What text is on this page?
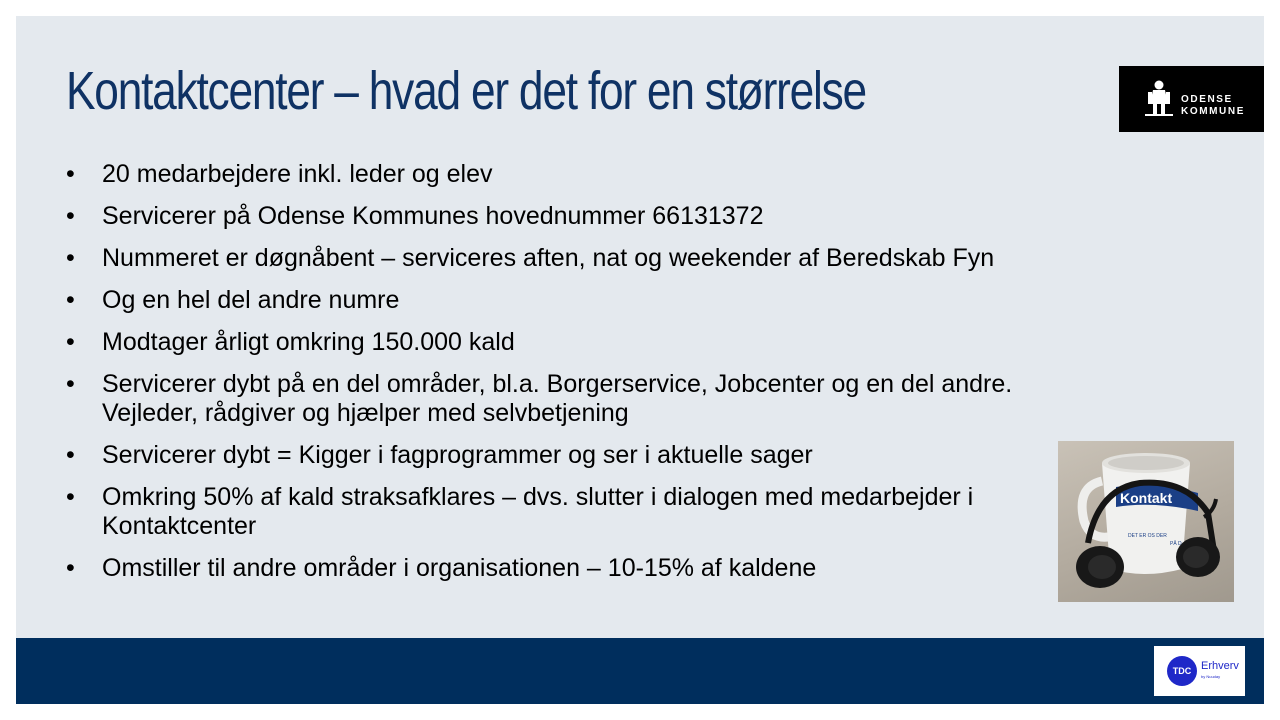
Kontaktcenter – hvad er det for en størrelse	ODENSE
KOMMUNE
•	20 medarbejdere inkl. leder og elev
•	Servicerer på Odense Kommunes hovednummer 66131372
•	Nummeret er døgnåbent – serviceres aften, nat og weekender af Beredskab Fyn
•	Og en hel del andre numre
•	Modtager årligt omkring 150.000 kald
•	Servicerer dybt på en del områder, bl.a. Borgerservice, Jobcenter og en del andre. Vejleder, rådgiver og hjælper med selvbetjening
•	Servicerer dybt = Kigger i fagprogrammer og ser i aktuelle sager
•	Omkring 50% af kald straksafklares – dvs. slutter i dialogen med medarbejder i Kontaktcenter
•	Omstiller til andre områder i organisationen – 10-15% af kaldene
Kontakt
DET ER OS DER
PÅ D
TDC Erhverv
by Nuuday
